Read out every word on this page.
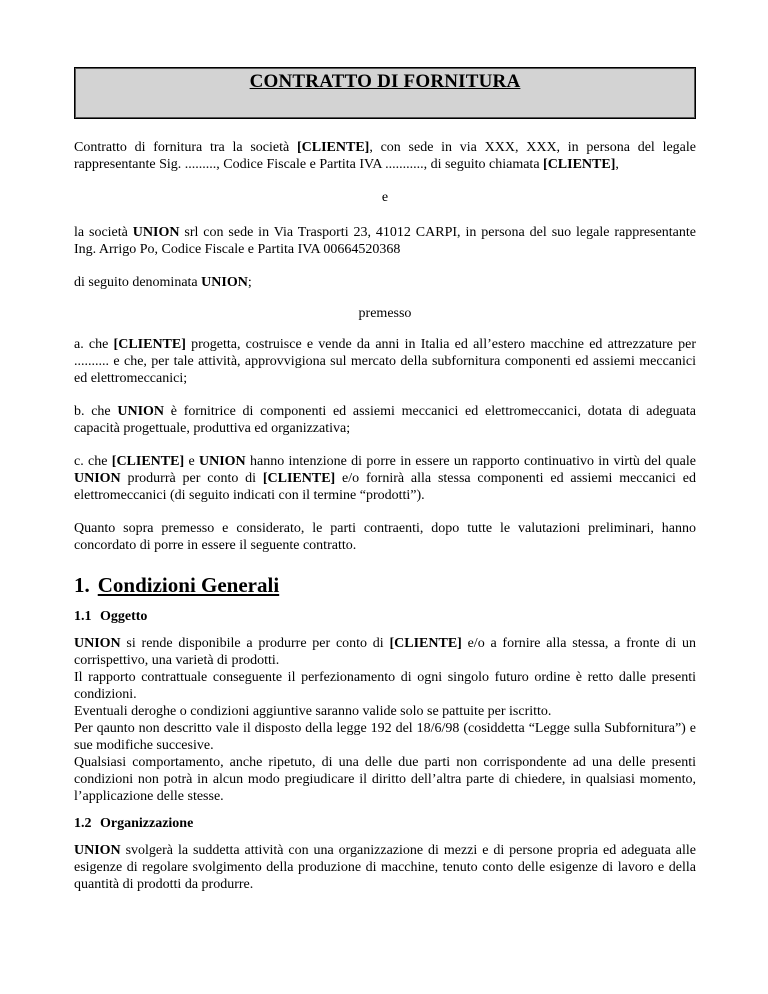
CONTRATTO DI FORNITURA

Contratto di fornitura tra la società [CLIENTE], con sede in via XXX, XXX, in persona del legale rappresentante Sig. ........., Codice Fiscale e Partita IVA ..........., di seguito chiamata [CLIENTE],

e

la società UNION srl con sede in Via Trasporti 23, 41012 CARPI, in persona del suo legale rappresentante Ing. Arrigo Po, Codice Fiscale e Partita IVA 00664520368

di seguito denominata UNION;

premesso

a. che [CLIENTE] progetta, costruisce e vende da anni in Italia ed all’estero macchine ed attrezzature per .......... e che, per tale attività, approvvigiona sul mercato della subfornitura componenti ed assiemi meccanici ed elettromeccanici;

b. che UNION è fornitrice di componenti ed assiemi meccanici ed elettromeccanici, dotata di adeguata capacità progettuale, produttiva ed organizzativa;

c. che [CLIENTE] e UNION hanno intenzione di porre in essere un rapporto continuativo in virtù del quale UNION produrrà per conto di [CLIENTE] e/o fornirà alla stessa componenti ed assiemi meccanici ed elettromeccanici (di seguito indicati con il termine “prodotti”).

Quanto sopra premesso e considerato, le parti contraenti, dopo tutte le valutazioni preliminari, hanno concordato di porre in essere il seguente contratto.

1. Condizioni Generali
1.1 Oggetto

UNION si rende disponibile a produrre per conto di [CLIENTE] e/o a fornire alla stessa, a fronte di un corrispettivo, una varietà di prodotti.

Il rapporto contrattuale conseguente il perfezionamento di ogni singolo futuro ordine è retto dalle presenti condizioni.

Eventuali deroghe o condizioni aggiuntive saranno valide solo se pattuite per iscritto.

Per qaunto non descritto vale il disposto della legge 192 del 18/6/98 (cosiddetta “Legge sulla Subfornitura”) e sue modifiche succesive.

Qualsiasi comportamento, anche ripetuto, di una delle due parti non corrispondente ad una delle presenti condizioni non potrà in alcun modo pregiudicare il diritto dell’altra parte di chiedere, in qualsiasi momento, l’applicazione delle stesse.

1.2 Organizzazione

UNION svolgerà la suddetta attività con una organizzazione di mezzi e di persone propria ed adeguata alle esigenze di regolare svolgimento della produzione di macchine, tenuto conto delle esigenze di lavoro e della quantità di prodotti da produrre.
